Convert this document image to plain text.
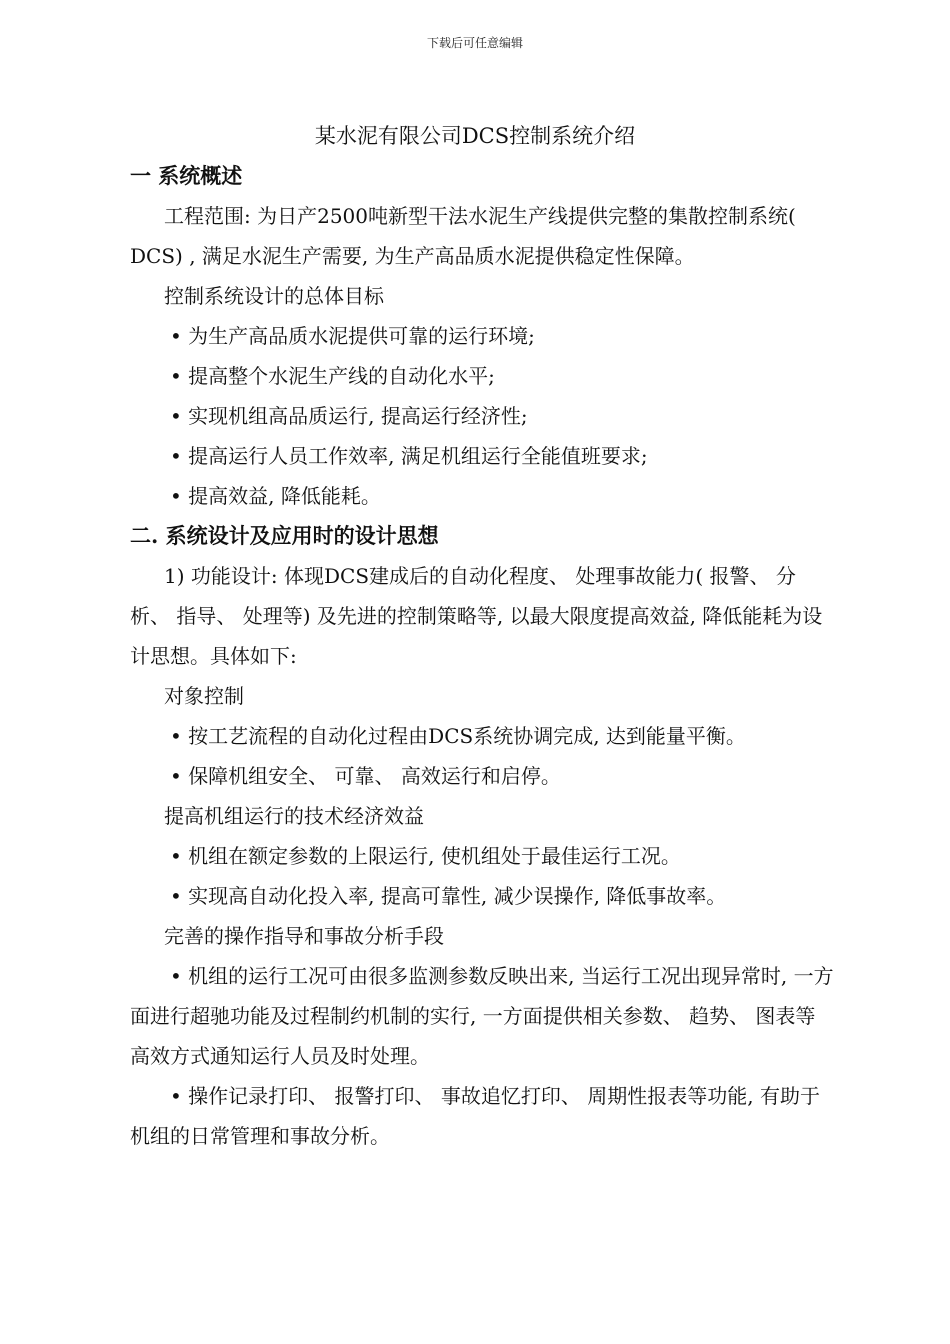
下载后可任意编辑
某水泥有限公司DCS控制系统介绍

一 系统概述

工程范围: 为日产2500吨新型干法水泥生产线提供完整的集散控制系统( DCS) , 满足水泥生产需要, 为生产高品质水泥提供稳定性保障。

控制系统设计的总体目标

• 为生产高品质水泥提供可靠的运行环境;

• 提高整个水泥生产线的自动化水平;

• 实现机组高品质运行, 提高运行经济性;

• 提高运行人员工作效率, 满足机组运行全能值班要求;

• 提高效益, 降低能耗。

二. 系统设计及应用时的设计思想

1) 功能设计: 体现DCS建成后的自动化程度、 处理事故能力( 报警、 分析、 指导、 处理等) 及先进的控制策略等, 以最大限度提高效益, 降低能耗为设计思想。具体如下:

对象控制

• 按工艺流程的自动化过程由DCS系统协调完成, 达到能量平衡。

• 保障机组安全、 可靠、 高效运行和启停。

提高机组运行的技术经济效益

• 机组在额定参数的上限运行, 使机组处于最佳运行工况。

• 实现高自动化投入率, 提高可靠性, 减少误操作, 降低事故率。

完善的操作指导和事故分析手段

• 机组的运行工况可由很多监测参数反映出来, 当运行工况出现异常时, 一方面进行超驰功能及过程制约机制的实行, 一方面提供相关参数、 趋势、 图表等高效方式通知运行人员及时处理。

• 操作记录打印、 报警打印、 事故追忆打印、 周期性报表等功能, 有助于机组的日常管理和事故分析。
